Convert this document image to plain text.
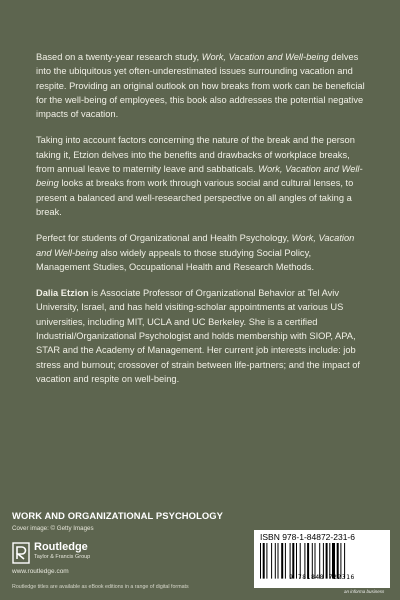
Based on a twenty-year research study, Work, Vacation and Well-being delves into the ubiquitous yet often-underestimated issues surrounding vacation and respite. Providing an original outlook on how breaks from work can be beneficial for the well-being of employees, this book also addresses the potential negative impacts of vacation.

Taking into account factors concerning the nature of the break and the person taking it, Etzion delves into the benefits and drawbacks of workplace breaks, from annual leave to maternity leave and sabbaticals. Work, Vacation and Well-being looks at breaks from work through various social and cultural lenses, to present a balanced and well-researched perspective on all angles of taking a break.

Perfect for students of Organizational and Health Psychology, Work, Vacation and Well-being also widely appeals to those studying Social Policy, Management Studies, Occupational Health and Research Methods.

Dalia Etzion is Associate Professor of Organizational Behavior at Tel Aviv University, Israel, and has held visiting-scholar appointments at various US universities, including MIT, UCLA and UC Berkeley. She is a certified Industrial/Organizational Psychologist and holds membership with SIOP, APA, STAR and the Academy of Management. Her current job interests include: job stress and burnout; crossover of strain between life-partners; and the impact of vacation and respite on well-being.

WORK AND ORGANIZATIONAL PSYCHOLOGY
Cover image: © Getty Images
Routledge
Taylor & Francis Group
www.routledge.com
Routledge titles are available as eBook editions in a range of digital formats
ISBN 978-1-84872-231-6
9 781848 722316
an informa business
